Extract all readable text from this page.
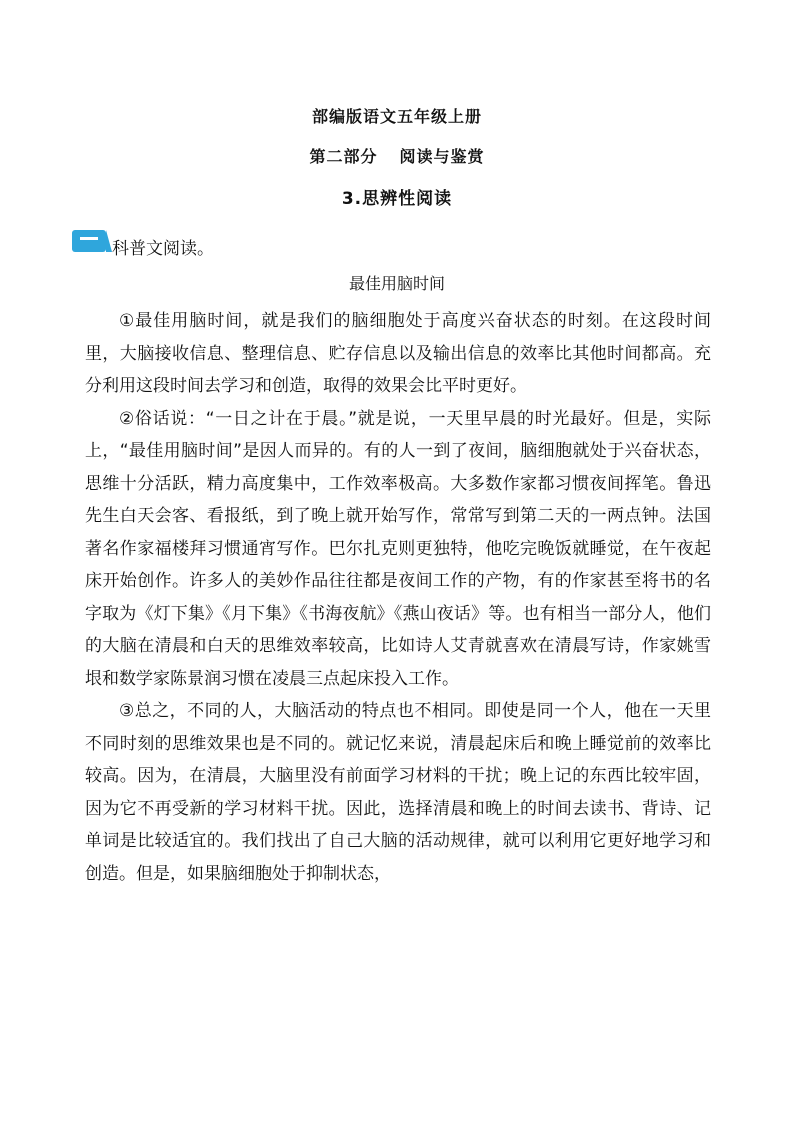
部编版语文五年级上册
第二部分 阅读与鉴赏
3.思辨性阅读
科普文阅读。
最佳用脑时间

①最佳用脑时间，就是我们的脑细胞处于高度兴奋状态的时刻。在这段时间里，大脑接收信息、整理信息、贮存信息以及输出信息的效率比其他时间都高。充分利用这段时间去学习和创造，取得的效果会比平时更好。

②俗话说：“一日之计在于晨。”就是说，一天里早晨的时光最好。但是，实际上，“最佳用脑时间”是因人而异的。有的人一到了夜间，脑细胞就处于兴奋状态，思维十分活跃，精力高度集中，工作效率极高。大多数作家都习惯夜间挥笔。鲁迅先生白天会客、看报纸，到了晚上就开始写作，常常写到第二天的一两点钟。法国著名作家福楼拜习惯通宵写作。巴尔扎克则更独特，他吃完晚饭就睡觉，在午夜起床开始创作。许多人的美妙作品往往都是夜间工作的产物，有的作家甚至将书的名字取为《灯下集》《月下集》《书海夜航》《燕山夜话》等。也有相当一部分人，他们的大脑在清晨和白天的思维效率较高，比如诗人艾青就喜欢在清晨写诗，作家姚雪垠和数学家陈景润习惯在凌晨三点起床投入工作。

③总之，不同的人，大脑活动的特点也不相同。即使是同一个人，他在一天里不同时刻的思维效果也是不同的。就记忆来说，清晨起床后和晚上睡觉前的效率比较高。因为，在清晨，大脑里没有前面学习材料的干扰；晚上记的东西比较牢固，因为它不再受新的学习材料干扰。因此，选择清晨和晚上的时间去读书、背诗、记单词是比较适宜的。我们找出了自己大脑的活动规律，就可以利用它更好地学习和创造。但是，如果脑细胞处于抑制状态，
